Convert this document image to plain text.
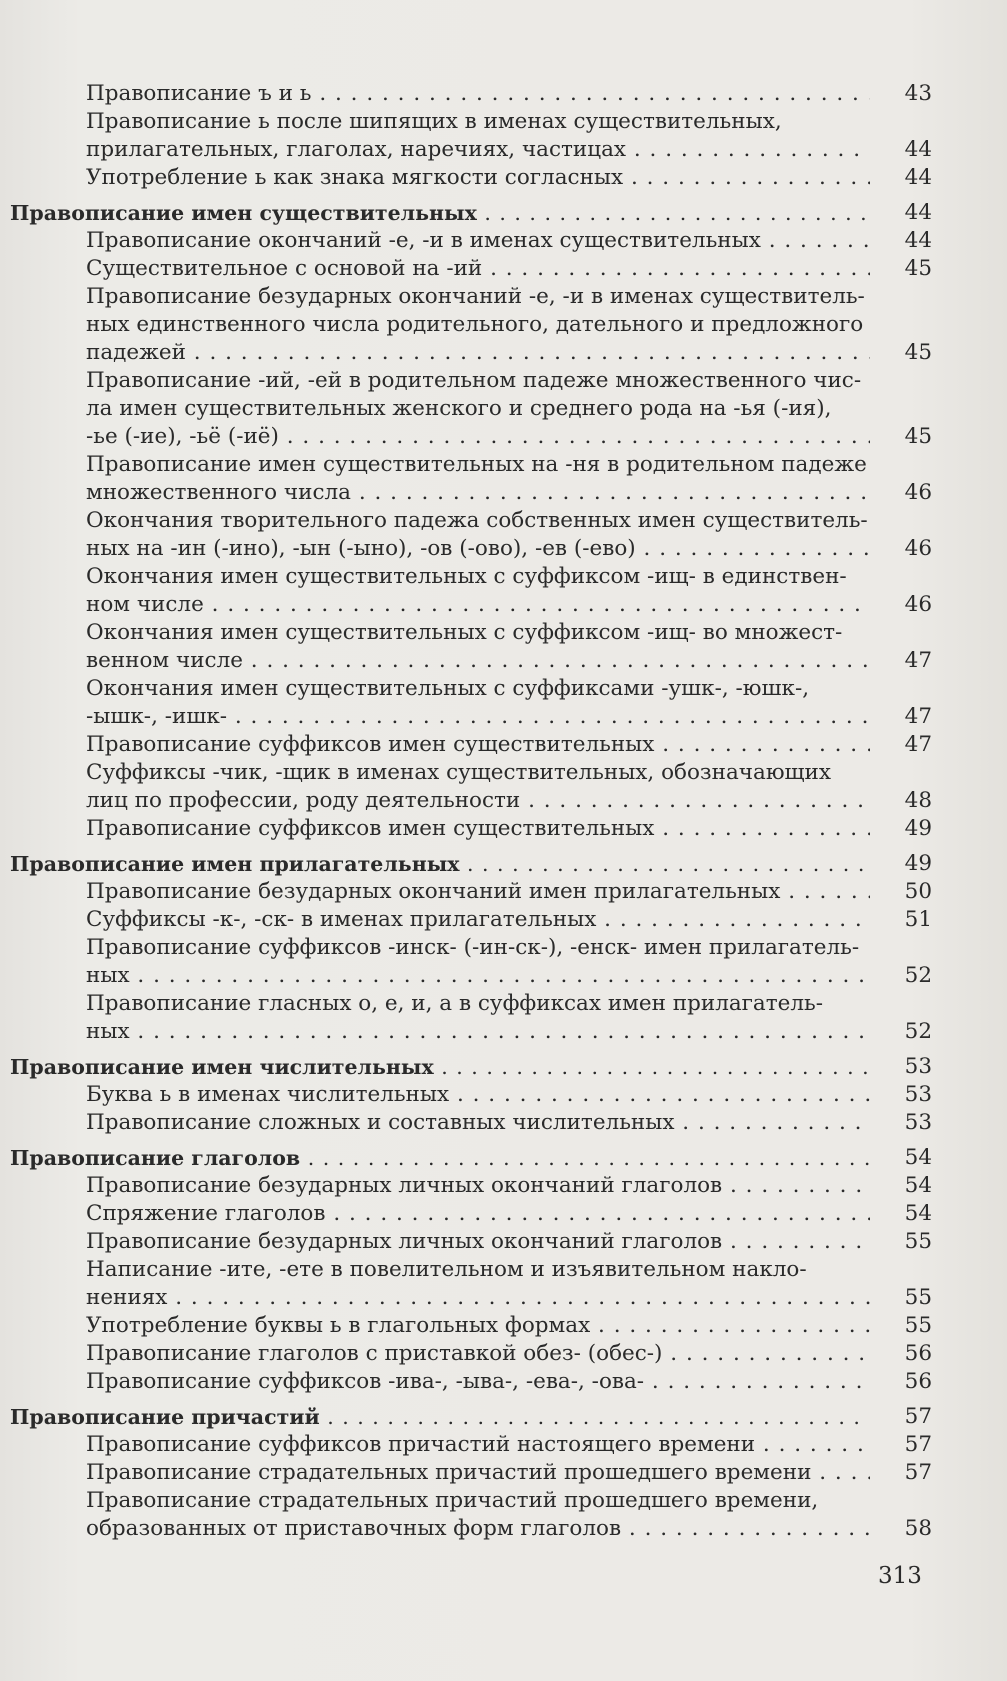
Правописание ъ и ь . . .	43
Правописание ь после шипящих в именах существительных,
прилагательных, глаголах, наречиях, частицах . . .	44
Употребление ь как знака мягкости согласных . . .	44
Правописание имен существительных . . .	44
Правописание окончаний -е, -и в именах существительных . . .	44
Существительное с основой на -ий . . .	45
Правописание безударных окончаний -е, -и в именах существитель-
ных единственного числа родительного, дательного и предложного
падежей . . .	45
Правописание -ий, -ей в родительном падеже множественного чис-
ла имен существительных женского и среднего рода на -ья (-ия),
-ье (-ие), -ьё (-иё) . . .	45
Правописание имен существительных на -ня в родительном падеже
множественного числа . . .	46
Окончания творительного падежа собственных имен существитель-
ных на -ин (-ино), -ын (-ыно), -ов (-ово), -ев (-ево) . . .	46
Окончания имен существительных с суффиксом -ищ- в единствен-
ном числе . . .	46
Окончания имен существительных с суффиксом -ищ- во множест-
венном числе . . .	47
Окончания имен существительных с суффиксами -ушк-, -юшк-,
-ышк-, -ишк- . . .	47
Правописание суффиксов имен существительных . . .	47
Суффиксы -чик, -щик в именах существительных, обозначающих
лиц по профессии, роду деятельности . . .	48
Правописание суффиксов имен существительных . . .	49
Правописание имен прилагательных . . .	49
Правописание безударных окончаний имен прилагательных . . .	50
Суффиксы -к-, -ск- в именах прилагательных . . .	51
Правописание суффиксов -инск- (-ин-ск-), -енск- имен прилагатель-
ных . . .	52
Правописание гласных о, е, и, а в суффиксах имен прилагатель-
ных . . .	52
Правописание имен числительных . . .	53
Буква ь в именах числительных . . .	53
Правописание сложных и составных числительных . . .	53
Правописание глаголов . . .	54
Правописание безударных личных окончаний глаголов . . .	54
Спряжение глаголов . . .	54
Правописание безударных личных окончаний глаголов . . .	55
Написание -ите, -ете в повелительном и изъявительном накло-
нениях . . .	55
Употребление буквы ь в глагольных формах . . .	55
Правописание глаголов с приставкой обез- (обес-) . . .	56
Правописание суффиксов -ива-, -ыва-, -ева-, -ова- . . .	56
Правописание причастий . . .	57
Правописание суффиксов причастий настоящего времени . . .	57
Правописание страдательных причастий прошедшего времени . . .	57
Правописание страдательных причастий прошедшего времени,
образованных от приставочных форм глаголов . . .	58
313
